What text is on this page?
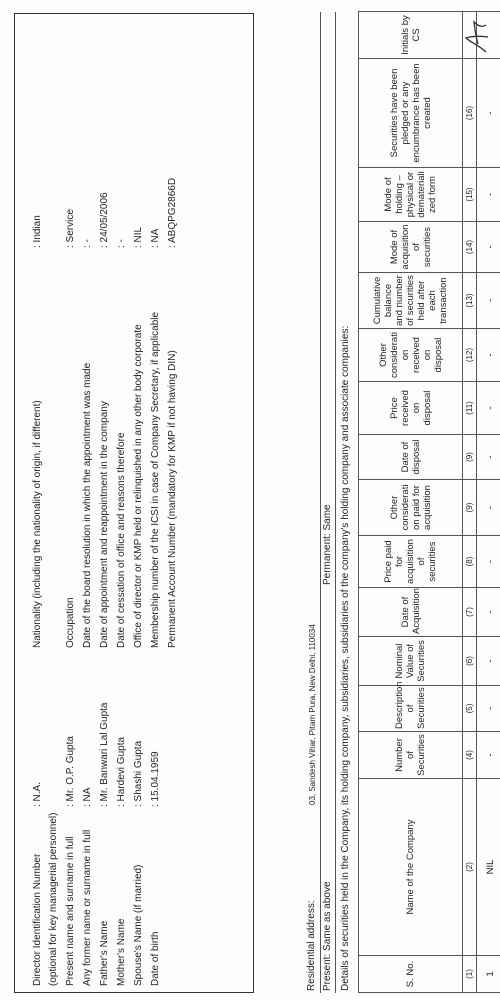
Director Identification Number
: N.A.
(optional for key managerial personnel) Present name and surname in full
: Mr. O.P. Gupta
Any former name or surname in full
: NA
Father's Name
: Mr. Banwari Lal Gupta
Mother's Name
: Hardevi Gupta
Spouse's Name (if married)
: Shashi Gupta
Date of birth
: 15.04.1959
Nationality (including the nationality of origin, if different)
: Indian
Occupation
: Service
Date of the board resolution in which the appointment was made
: -
Date of appointment and reappointment in the company
: 24/05/2006
Date of cessation of office and reasons therefore
: -
Office of director or KMP held or relinquished in any other body corporate
: NIL
Membership number of the ICSI in case of Company Secretary, if applicable
: NA
Permanent Account Number (mandatory for KMP if not having DIN)
: ABQPG2866D
Residential address:
03, Sandesh Vihar, Pitam Pura, New Delhi, 110034
Present: Same as above
Permanent: Same Details of securities held in the Company, its holding company, subsidiaries, subsidiaries of the company's holding company and associate companies:	S. No.	Name of the Company	Number of Securities	Description of Securities	Nominal Value of Securities	Date of Acquisition	Price paid for acquisition of securities	Other considerati on paid for acquisition	Date of disposal	Price received on disposal	Other considerati on received on disposal	Cumulative balance and number of securities held after each transaction	Mode of acquisition of securities	Mode of holding – physical or demateriali zed form	Securities have been pledged or any encumbrance has been created	Initials by CS
(1)	(2)	(4)	(5)	(6)	(7)	(8)	(9)	(9)	(11)	(12)	(13)	(14)	(15)	(16)	
1	NIL	-	-	-	-	-	-	-	-	-	-	-	-	-	
